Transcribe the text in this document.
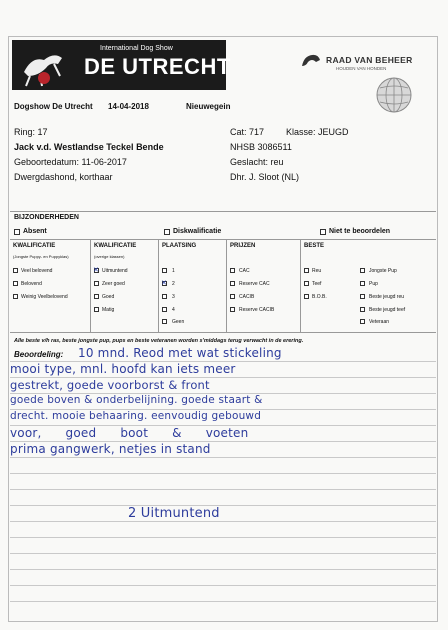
International Dog Show
DE UTRECHT	RAAD VAN BEHEER
HOUDEN VAN HONDEN
Dogshow De Utrecht 14-04-2018	Nieuwegein
Ring: 17	Cat: 717 Klasse: JEUGD
Jack v.d. Westlandse Teckel Bende	NHSB 3086511
Geboortedatum: 11-06-2017	Geslacht: reu
Dwergdashond, korthaar	Dhr. J. Sloot (NL)
BIJZONDERHEDEN
Absent	Diskwalificatie	Niet te beoordelen
KWALIFICATIE
(Jongste Puppy- en Puppyklas)
Veel belovend
Belovend
Weinig Veelbelovend
KWALIFICATIE
(overige klassen)
✕ Uitmuntend
Zeer goed
Goed
Matig
PLAATSING
1
✕ 2
3
4
Geen
PRIJZEN
CAC
Reserve CAC
CACIB
Reserve CACIB
BESTE
Reu
Teef
B.O.B.
Jongste Pup
Pup
Beste jeugd reu
Beste jeugd teef
Veteraan
Alle beste v/h ras, beste jongste pup, pups en beste veteranen worden s'middags terug verwacht in de erering.
Beoordeling: 10 mnd. Reod met wat stickeling
mooi type, mnl. hoofd kan iets meer
gestrekt, goede voorborst & front
goede boven & onderbelijning. goede staart &
drecht. mooie behaaring. eenvoudig gebouwd
voor, goed boot & voeten
prima gangwerk, netjes in stand
2 Uitmuntend
